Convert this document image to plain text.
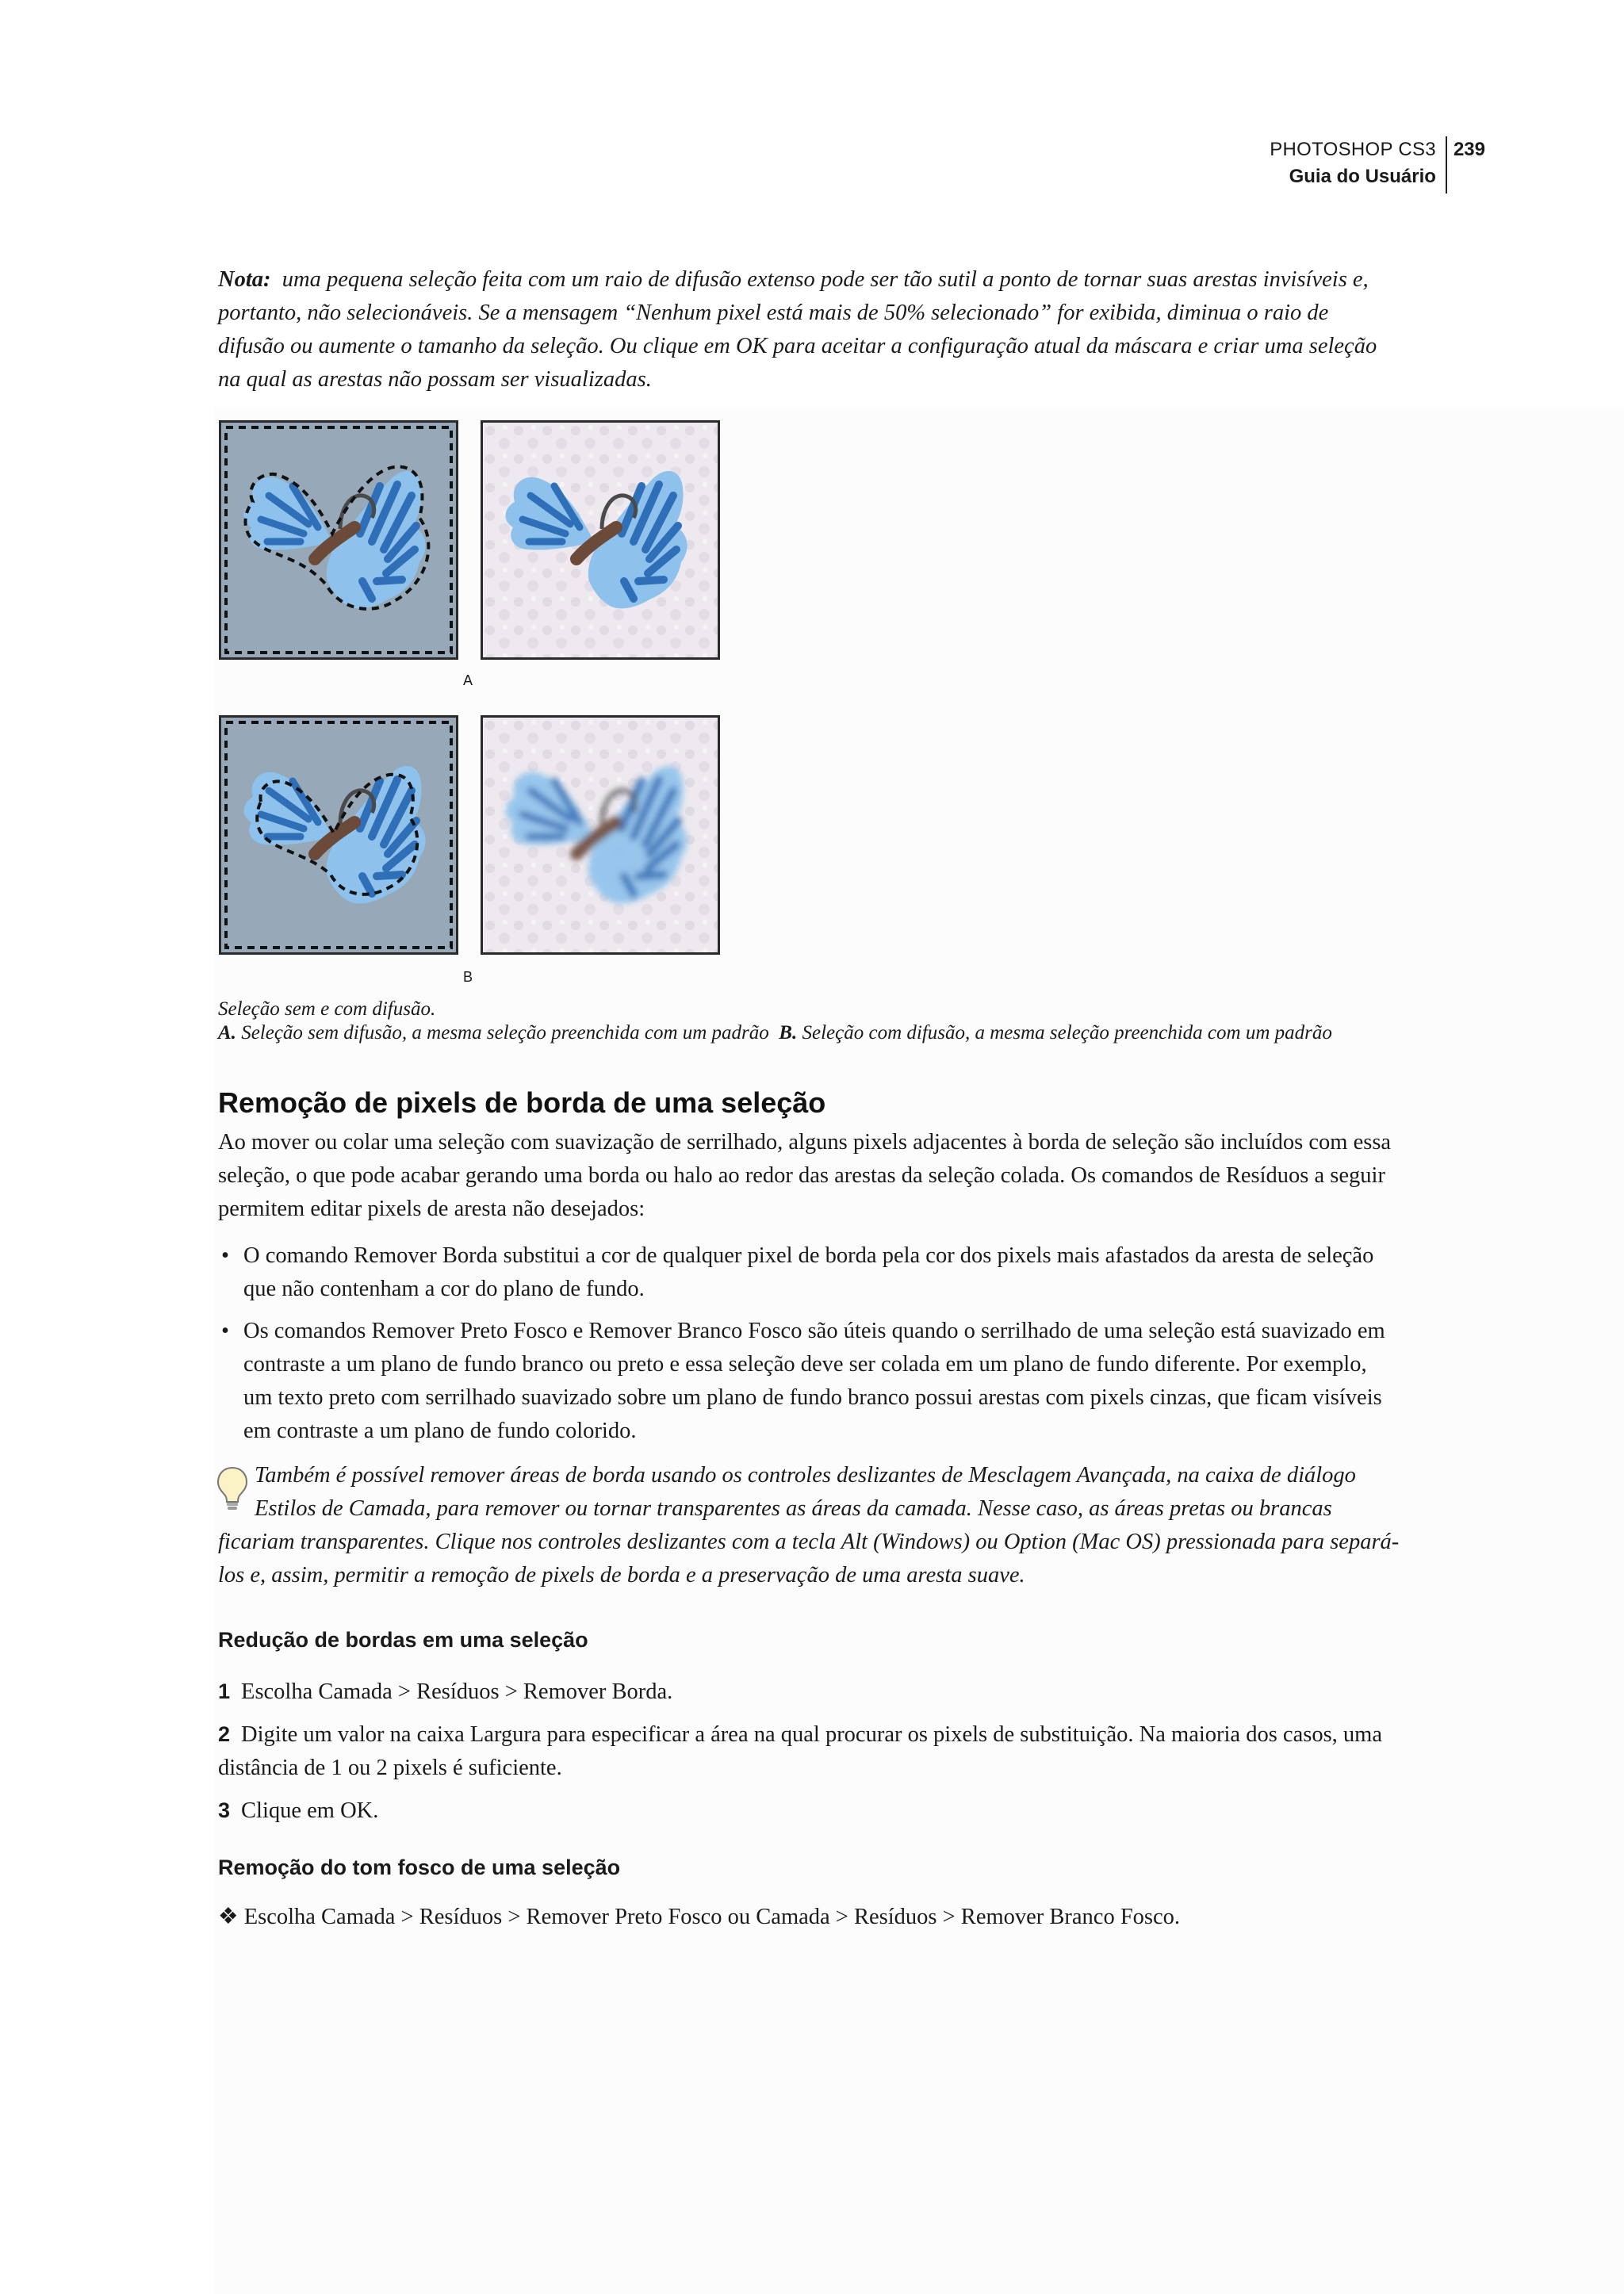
PHOTOSHOP CS3
Guia do Usuário
239

Nota: uma pequena seleção feita com um raio de difusão extenso pode ser tão sutil a ponto de tornar suas arestas invisíveis e, portanto, não selecionáveis. Se a mensagem “Nenhum pixel está mais de 50% selecionado” for exibida, diminua o raio de difusão ou aumente o tamanho da seleção. Ou clique em OK para aceitar a configuração atual da máscara e criar uma seleção na qual as arestas não possam ser visualizadas.

A
B
Seleção sem e com difusão.
A. Seleção sem difusão, a mesma seleção preenchida com um padrão B. Seleção com difusão, a mesma seleção preenchida com um padrão
Remoção de pixels de borda de uma seleção

Ao mover ou colar uma seleção com suavização de serrilhado, alguns pixels adjacentes à borda de seleção são incluídos com essa seleção, o que pode acabar gerando uma borda ou halo ao redor das arestas da seleção colada. Os comandos de Resíduos a seguir permitem editar pixels de aresta não desejados:

• O comando Remover Borda substitui a cor de qualquer pixel de borda pela cor dos pixels mais afastados da aresta de seleção que não contenham a cor do plano de fundo.
• Os comandos Remover Preto Fosco e Remover Branco Fosco são úteis quando o serrilhado de uma seleção está suavizado em contraste a um plano de fundo branco ou preto e essa seleção deve ser colada em um plano de fundo diferente. Por exemplo, um texto preto com serrilhado suavizado sobre um plano de fundo branco possui arestas com pixels cinzas, que ficam visíveis em contraste a um plano de fundo colorido.

Também é possível remover áreas de borda usando os controles deslizantes de Mesclagem Avançada, na caixa de diálogo Estilos de Camada, para remover ou tornar transparentes as áreas da camada. Nesse caso, as áreas pretas ou brancas ficariam transparentes. Clique nos controles deslizantes com a tecla Alt (Windows) ou Option (Mac OS) pressionada para separá-los e, assim, permitir a remoção de pixels de borda e a preservação de uma aresta suave.

Redução de bordas em uma seleção

1 Escolha Camada > Resíduos > Remover Borda.

2 Digite um valor na caixa Largura para especificar a área na qual procurar os pixels de substituição. Na maioria dos casos, uma distância de 1 ou 2 pixels é suficiente.

3 Clique em OK.

Remoção do tom fosco de uma seleção

❖ Escolha Camada > Resíduos > Remover Preto Fosco ou Camada > Resíduos > Remover Branco Fosco.
